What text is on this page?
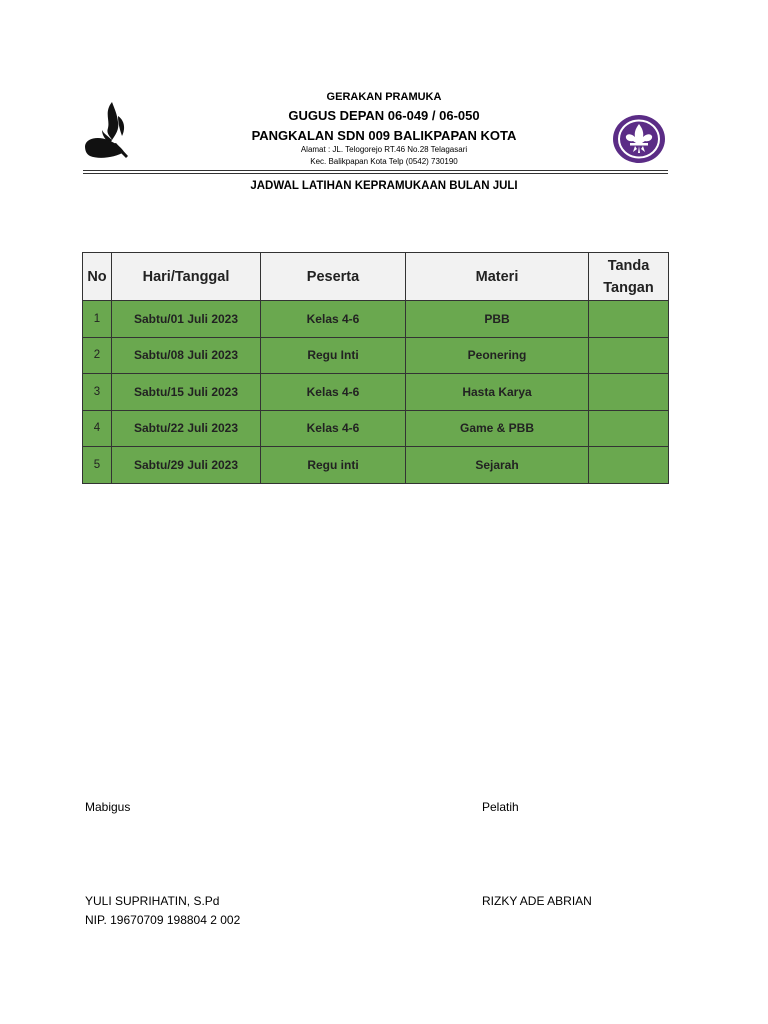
GERAKAN PRAMUKA
GUGUS DEPAN 06-049 / 06-050
PANGKALAN SDN 009 BALIKPAPAN KOTA
Alamat : JL. Telogorejo RT.46 No.28 Telagasari
Kec. Balikpapan Kota Telp (0542) 730190
JADWAL LATIHAN KEPRAMUKAAN BULAN JULI
No	Hari/Tanggal	Peserta	Materi	Tanda
Tangan

1	Sabtu/01 Juli 2023	Kelas 4-6	PBB	
2	Sabtu/08 Juli 2023	Regu Inti	Peonering	
3	Sabtu/15 Juli 2023	Kelas 4-6	Hasta Karya	
4	Sabtu/22 Juli 2023	Kelas 4-6	Game & PBB	
5	Sabtu/29 Juli 2023	Regu inti	Sejarah	
Mabigus	Pelatih
YULI SUPRIHATIN, S.Pd	RIZKY ADE ABRIAN
NIP. 19670709 198804 2 002
